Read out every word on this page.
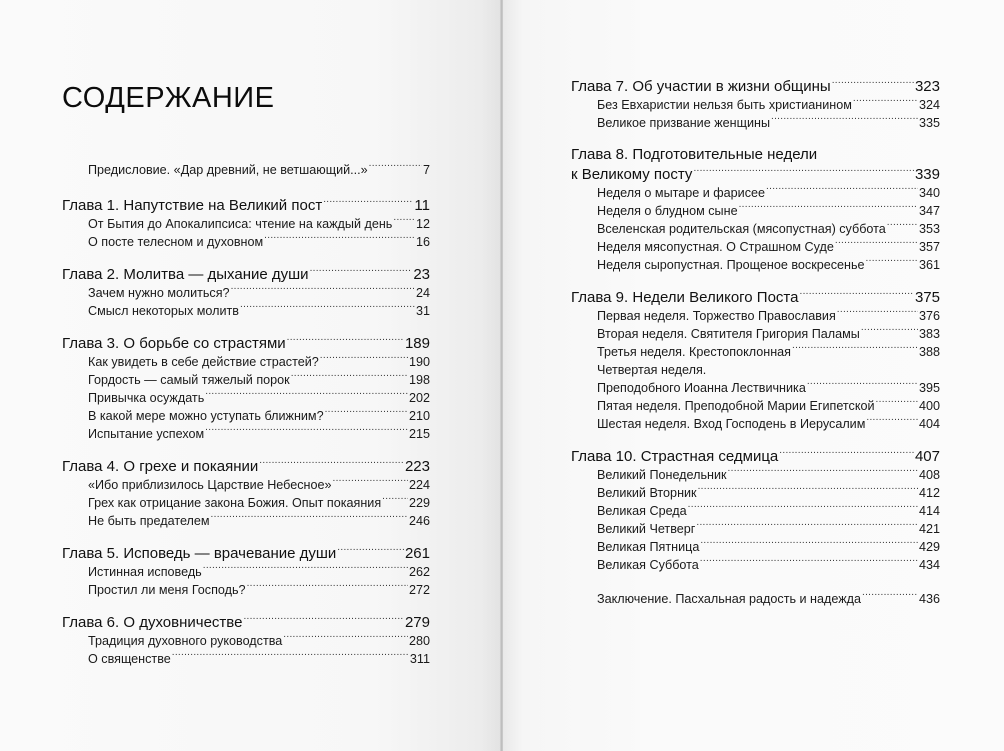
СОДЕРЖАНИЕ
Предисловие. «Дар древний, не ветшающий...» .....	7
Глава 1. Напутствие на Великий пост .....	11
От Бытия до Апокалипсиса: чтение на каждый день ..... 12
О посте телесном и духовном .....	16
Глава 2. Молитва — дыхание души .....	23
Зачем нужно молиться? .....	24
Смысл некоторых молитв .....	31
Глава 3. О борьбе со страстями .....	189
Как увидеть в себе действие страстей? .....	190
Гордость — самый тяжелый порок .....	198
Привычка осуждать .....	202
В какой мере можно уступать ближним? .....	210
Испытание успехом .....	215
Глава 4. О грехе и покаянии .....	223
«Ибо приблизилось Царствие Небесное» .....	224
Грех как отрицание закона Божия. Опыт покаяния ..... 229
Не быть предателем .....	246
Глава 5. Исповедь — врачевание души .....	261
Истинная исповедь .....	262
Простил ли меня Господь? .....	272
Глава 6. О духовничестве .....	279
Традиция духовного руководства .....	280
О священстве .....	311
Глава 7. Об участии в жизни общины .....	323
Без Евхаристии нельзя быть христианином .....	324
Великое призвание женщины .....	335
Глава 8. Подготовительные недели
к Великому посту .....	339
Неделя о мытаре и фарисее .....	340
Неделя о блудном сыне .....	347
Вселенская родительская (мясопустная) суббота .....	353
Неделя мясопустная. О Страшном Суде .....	357
Неделя сыропустная. Прощеное воскресенье .....	361
Глава 9. Недели Великого Поста .....	375
Первая неделя. Торжество Православия .....	376
Вторая неделя. Святителя Григория Паламы .....	383
Третья неделя. Крестопоклонная .....	388
Четвертая неделя.
Преподобного Иоанна Лествичника .....	395
Пятая неделя. Преподобной Марии Египетской .....	400
Шестая неделя. Вход Господень в Иерусалим .....	404
Глава 10. Страстная седмица .....	407
Великий Понедельник .....	408
Великий Вторник .....	412
Великая Среда .....	414
Великий Четверг .....	421
Великая Пятница .....	429
Великая Суббота .....	434
Заключение. Пасхальная радость и надежда .....	436
